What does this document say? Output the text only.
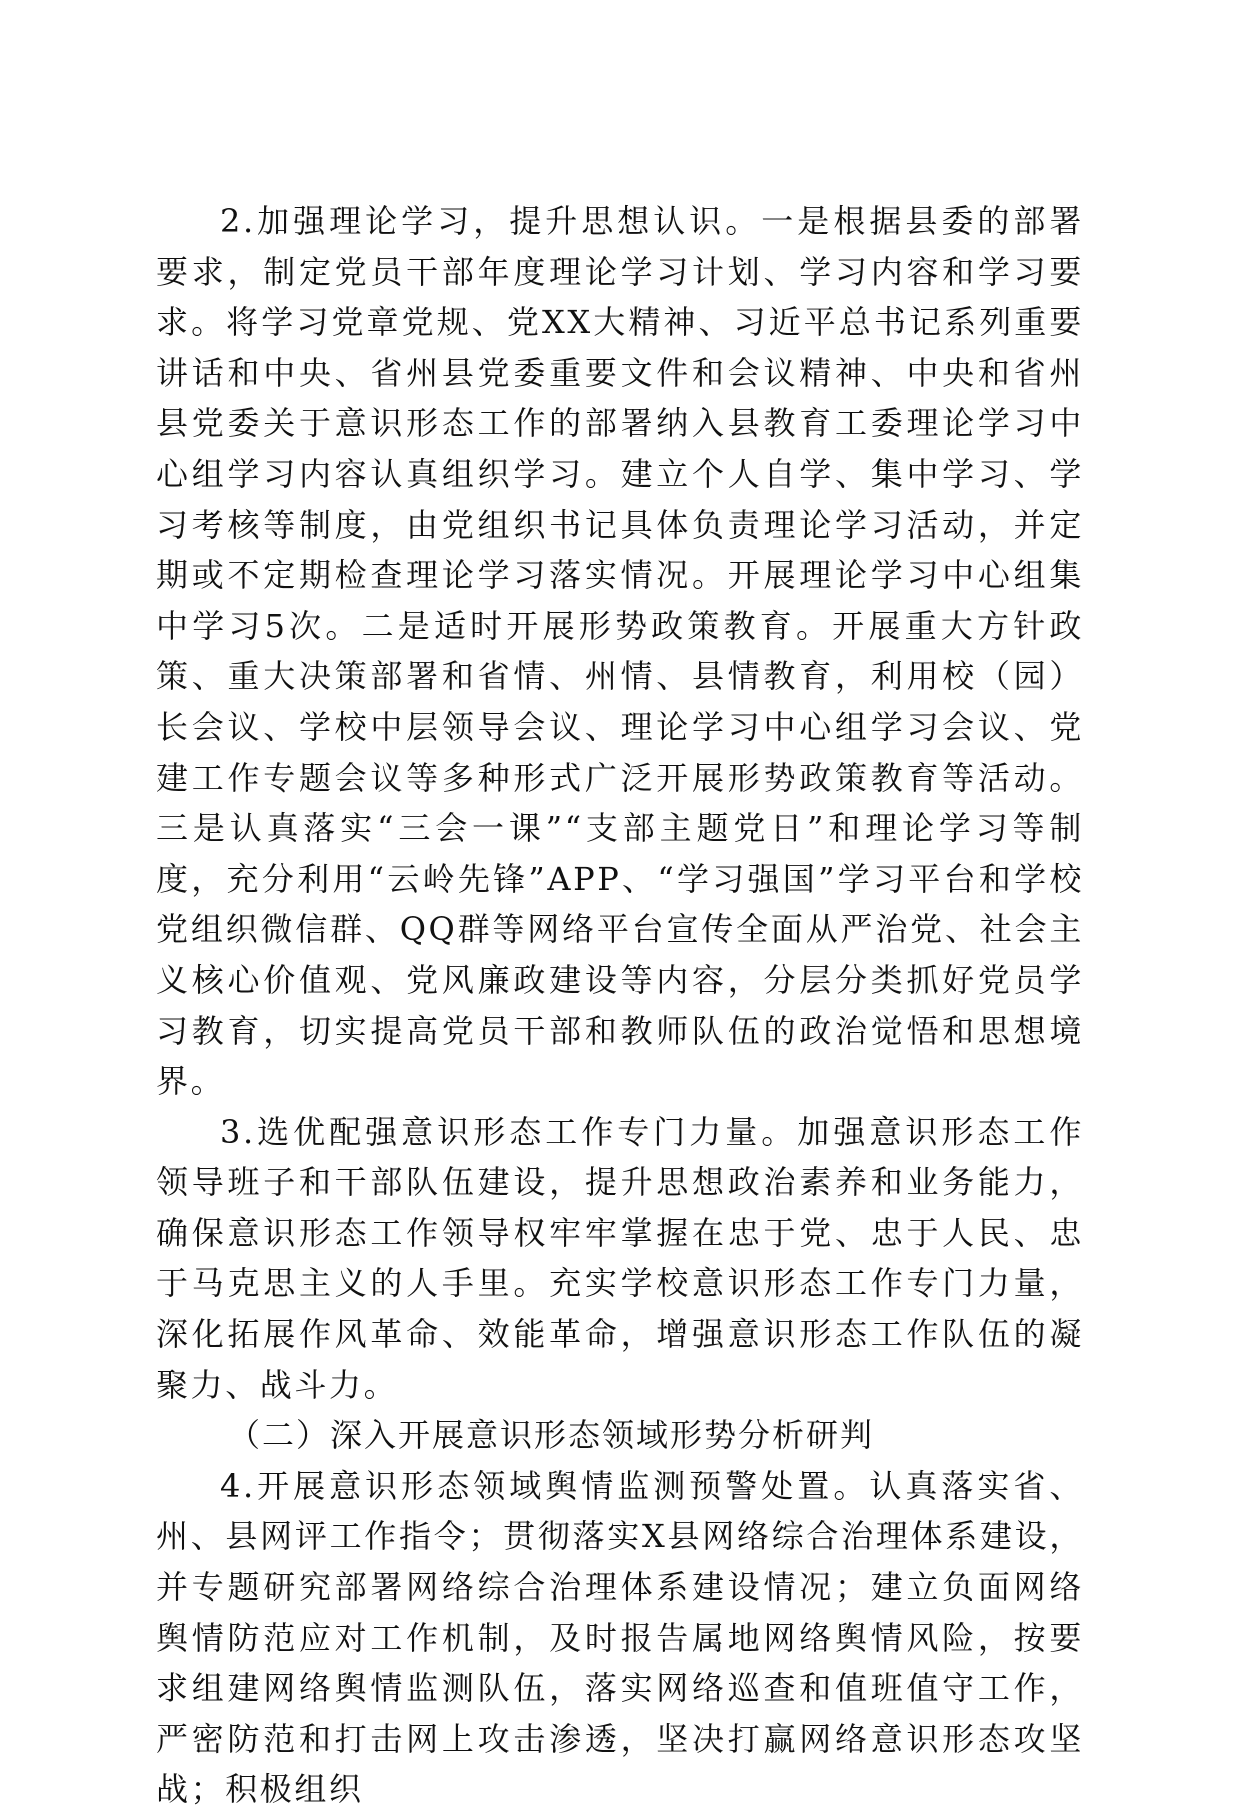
2.加强理论学习，提升思想认识。一是根据县委的部署要求，制定党员干部年度理论学习计划、学习内容和学习要求。将学习党章党规、党XX大精神、习近平总书记系列重要讲话和中央、省州县党委重要文件和会议精神、中央和省州县党委关于意识形态工作的部署纳入县教育工委理论学习中心组学习内容认真组织学习。建立个人自学、集中学习、学习考核等制度，由党组织书记具体负责理论学习活动，并定期或不定期检查理论学习落实情况。开展理论学习中心组集中学习5次。二是适时开展形势政策教育。开展重大方针政策、重大决策部署和省情、州情、县情教育，利用校（园）长会议、学校中层领导会议、理论学习中心组学习会议、党建工作专题会议等多种形式广泛开展形势政策教育等活动。三是认真落实“三会一课”“支部主题党日”和理论学习等制度，充分利用“云岭先锋”APP、“学习强国”学习平台和学校党组织微信群、QQ群等网络平台宣传全面从严治党、社会主义核心价值观、党风廉政建设等内容，分层分类抓好党员学习教育，切实提高党员干部和教师队伍的政治觉悟和思想境界。

3.选优配强意识形态工作专门力量。加强意识形态工作领导班子和干部队伍建设，提升思想政治素养和业务能力，确保意识形态工作领导权牢牢掌握在忠于党、忠于人民、忠于马克思主义的人手里。充实学校意识形态工作专门力量，深化拓展作风革命、效能革命，增强意识形态工作队伍的凝聚力、战斗力。

（二）深入开展意识形态领域形势分析研判

4.开展意识形态领域舆情监测预警处置。认真落实省、州、县网评工作指令；贯彻落实X县网络综合治理体系建设，并专题研究部署网络综合治理体系建设情况；建立负面网络舆情防范应对工作机制，及时报告属地网络舆情风险，按要求组建网络舆情监测队伍，落实网络巡查和值班值守工作，严密防范和打击网上攻击渗透，坚决打赢网络意识形态攻坚战；积极组织
